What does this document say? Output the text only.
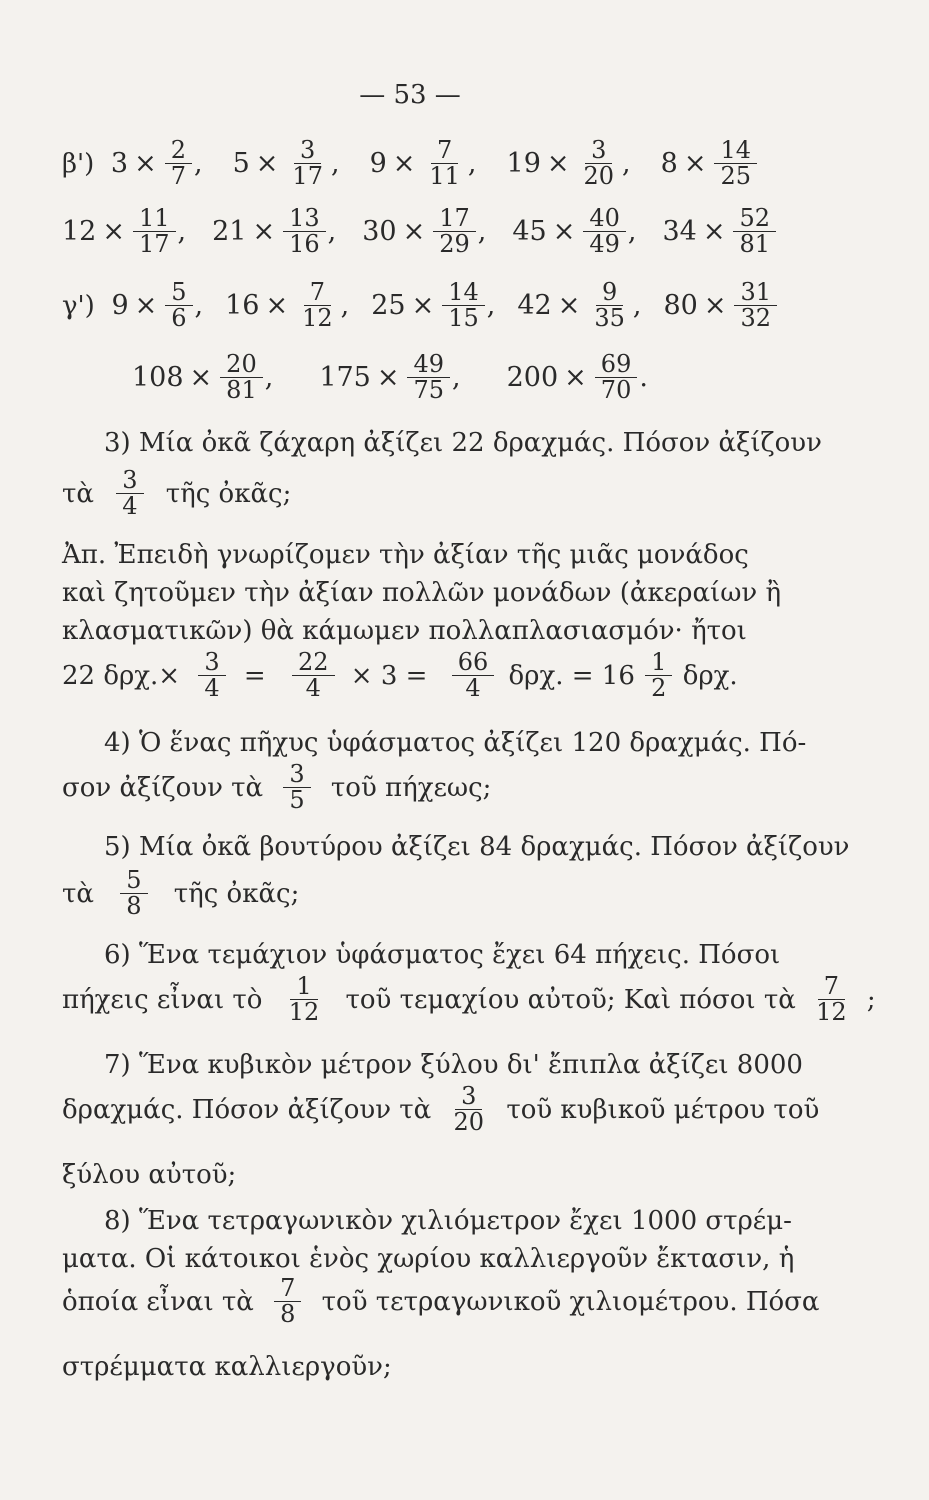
— 53 —
β') $3 \times \frac{2}{7}$ , $5 \times \frac{3}{17}$ , $9 \times \frac{7}{11}$ , $19 \times \frac{3}{20}$ , $8 \times \frac{14}{25}$
$12 \times \frac{11}{17}$ , $21 \times \frac{13}{16}$ , $30 \times \frac{17}{29}$ , $45 \times \frac{40}{49}$ , $34 \times \frac{52}{81}$
γ') $9 \times \frac{5}{6}$ , $16 \times \frac{7}{12}$ , $25 \times \frac{14}{15}$ , $42 \times \frac{9}{35}$ , $80 \times \frac{31}{32}$
$108 \times \frac{20}{81}$ , $175 \times \frac{49}{75}$ , $200 \times \frac{69}{70}$ .
3) Μία ὀκᾶ ζάχαρη ἀξίζει 22 δραχμάς. Πόσον ἀξίζουν
τὰ $\frac{3}{4}$ τῆς ὀκᾶς;
Ἀπ. Ἐπειδὴ γνωρίζομεν τὴν ἀξίαν τῆς μιᾶς μονάδος
καὶ ζητοῦμεν τὴν ἀξίαν πολλῶν μονάδων (ἀκεραίων ἢ
κλασματικῶν) θὰ κάμωμεν πολλαπλασιασμόν· ἤτοι
22 $\delta\rho\chi.\times \frac{3}{4} = \frac{22}{4} \times 3 = \frac{66}{4} \delta\rho\chi$. = $16 \frac{1}{2} \delta\rho\chi$.
4) Ὁ ἕνας πῆχυς ὑφάσματος ἀξίζει 120 δραχμάς. Πό-
σον ἀξίζουν τὰ $\frac{3}{5}$ τοῦ πήχεως;
5) Μία ὀκᾶ βουτύρου ἀξίζει 84 δραχμάς. Πόσον ἀξίζουν
τὰ $\frac{5}{8}$ τῆς ὀκᾶς;
6) Ἕνα τεμάχιον ὑφάσματος ἔχει 64 πήχεις. Πόσοι
πήχεις εἶναι τὸ $\frac{1}{12}$ τοῦ τεμαχίου αὐτοῦ; Καὶ πόσοι τὰ $\frac{7}{12}$ ;
7) Ἕνα κυβικὸν μέτρον ξύλου δι' ἔπιπλα ἀξίζει 8000
δραχμάς. Πόσον ἀξίζουν τὰ $\frac{3}{20}$ τοῦ κυβικοῦ μέτρου τοῦ
ξύλου αὐτοῦ;
8) Ἕνα τετραγωνικὸν χιλιόμετρον ἔχει 1000 στρέμ-
ματα. Οἱ κάτοικοι ἑνὸς χωρίου καλλιεργοῦν ἔκτασιν, ἡ
ὁποία εἶναι τὰ $\frac{7}{8}$ τοῦ τετραγωνικοῦ χιλιομέτρου. Πόσα
στρέμματα καλλιεργοῦν;
